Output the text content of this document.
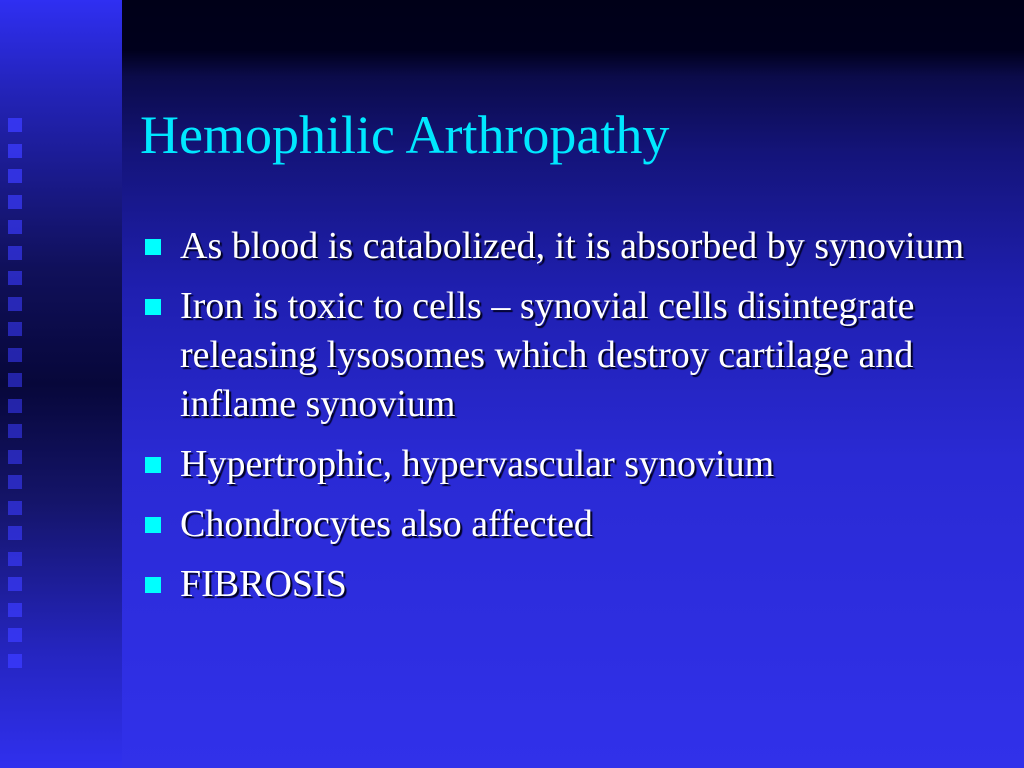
Hemophilic Arthropathy
As blood is catabolized, it is absorbed by synovium
Iron is toxic to cells – synovial cells disintegrate releasing lysosomes which destroy cartilage and inflame synovium
Hypertrophic, hypervascular synovium
Chondrocytes also affected
FIBROSIS
